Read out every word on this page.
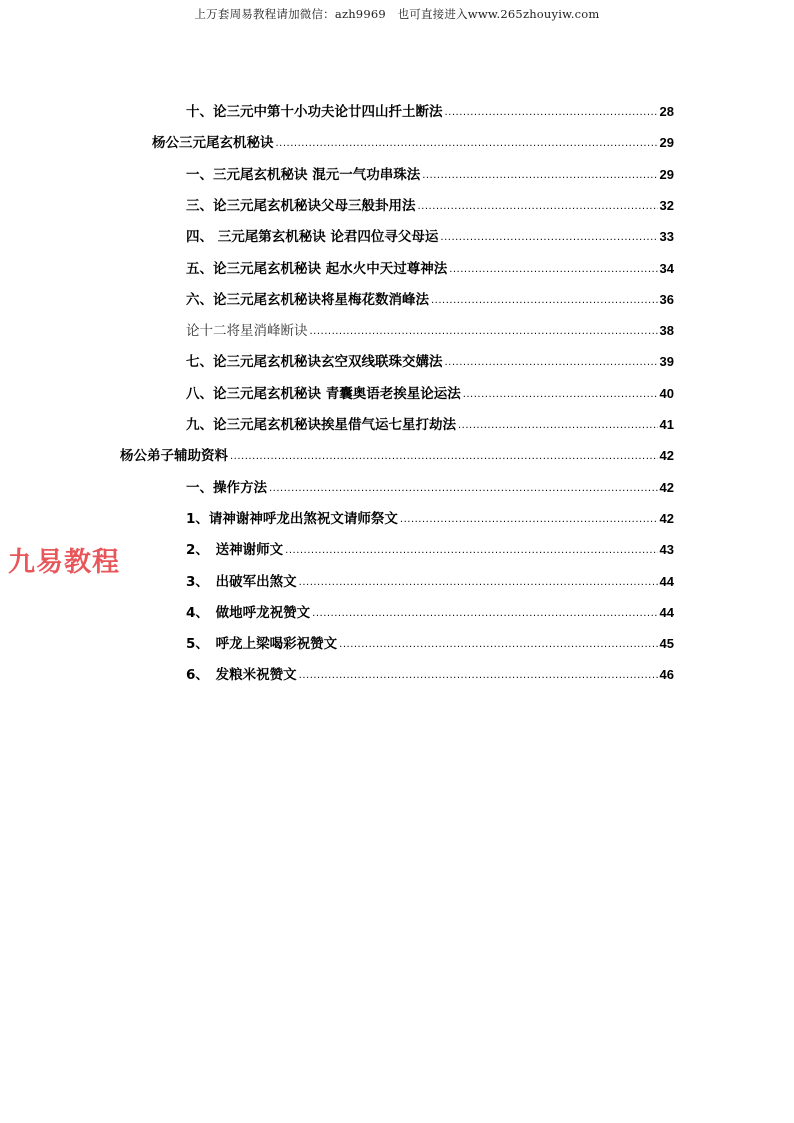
上万套周易教程请加微信：azh9969　也可直接进入www.265zhouyiw.com
十、论三元中第十小功夫论廿四山扦土断法 .....	28
杨公三元尾玄机秘诀 .....	29
一、三元尾玄机秘诀 混元一气功串珠法 .....	29
三、论三元尾玄机秘诀父母三般卦用法 .....	32
四、 三元尾第玄机秘诀 论君四位寻父母运 .....	33
五、论三元尾玄机秘诀 起水火中天过尊神法 .....	34
六、论三元尾玄机秘诀将星梅花数消峰法 .....	36
论十二将星消峰断诀 .....	38
七、论三元尾玄机秘诀玄空双线联珠交媾法 .....	39
八、论三元尾玄机秘诀 青囊奥语老挨星论运法 .....	40
九、论三元尾玄机秘诀挨星借气运七星打劫法 .....	41
杨公弟子辅助资料 .....	42
一、操作方法 .....	42
1、请神谢神呼龙出煞祝文请师祭文 .....	42
2、　送神谢师文 .....	43
3、　出破军出煞文 .....	44
4、　做地呼龙祝赞文 .....	44
5、　呼龙上梁喝彩祝赞文 .....	45
6、　发粮米祝赞文 .....	46
九易教程
